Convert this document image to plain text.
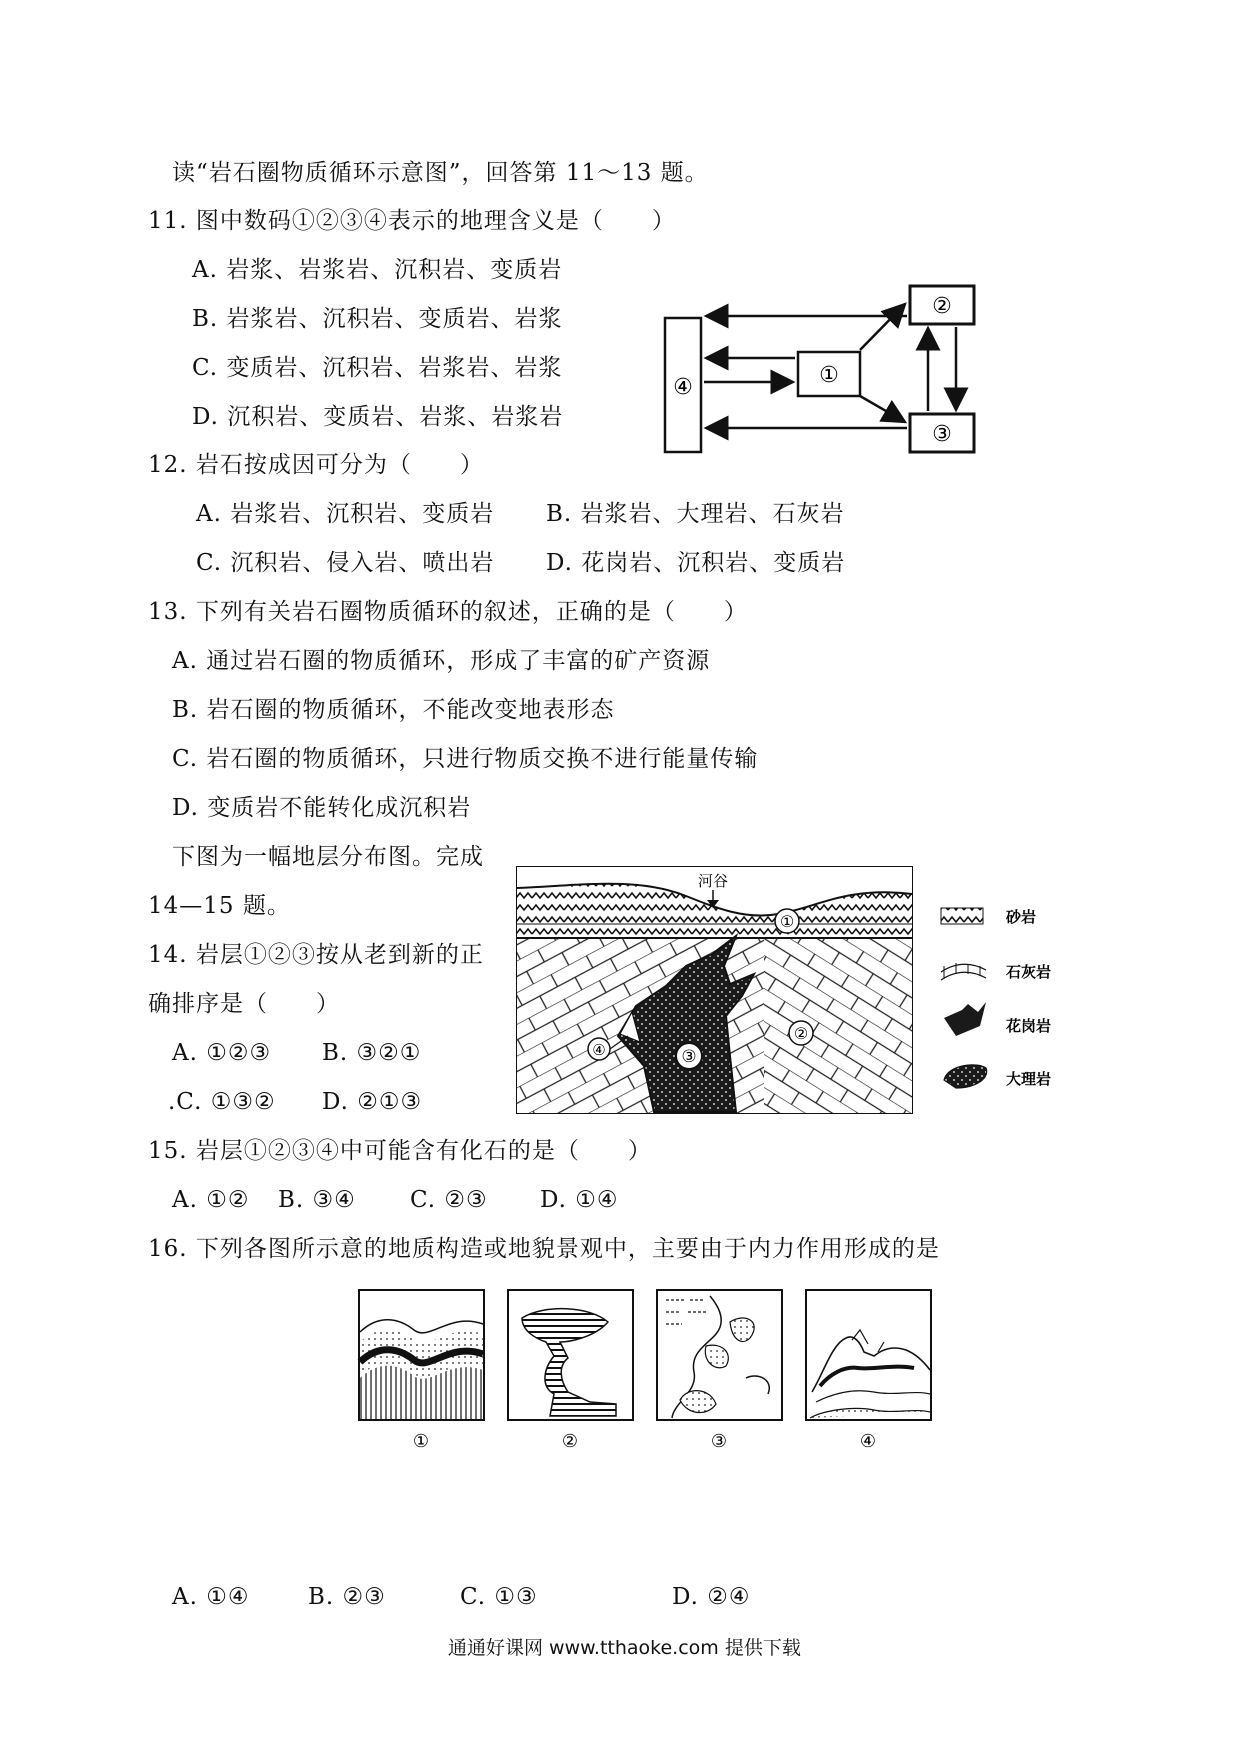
读“岩石圈物质循环示意图”，回答第 11～13 题。
11. 图中数码①②③④表示的地理含义是（　　）
A. 岩浆、岩浆岩、沉积岩、变质岩
B. 岩浆岩、沉积岩、变质岩、岩浆
C. 变质岩、沉积岩、岩浆岩、岩浆
D. 沉积岩、变质岩、岩浆、岩浆岩
④	①
②
③
12. 岩石按成因可分为（　　）
A. 岩浆岩、沉积岩、变质岩 B. 岩浆岩、大理岩、石灰岩
C. 沉积岩、侵入岩、喷出岩 D. 花岗岩、沉积岩、变质岩
13. 下列有关岩石圈物质循环的叙述，正确的是（　　）
A. 通过岩石圈的物质循环，形成了丰富的矿产资源
B. 岩石圈的物质循环，不能改变地表形态
C. 岩石圈的物质循环，只进行物质交换不进行能量传输
D. 变质岩不能转化成沉积岩
下图为一幅地层分布图。完成
14—15 题。
14. 岩层①②③按从老到新的正
确排序是（　　）
A. ①②③ B. ③②①
.C. ①③② D. ②①③
河谷
①
②
③
④
砂岩
石灰岩
花岗岩
大理岩
15. 岩层①②③④中可能含有化石的是（　　）
A. ①② B. ③④ C. ②③ D. ①④
16. 下列各图所示意的地质构造或地貌景观中，主要由于内力作用形成的是
①	②	③	④
A. ①④	B. ②③	C. ①③	D. ②④
通通好课网 www.tthaoke.com 提供下载
